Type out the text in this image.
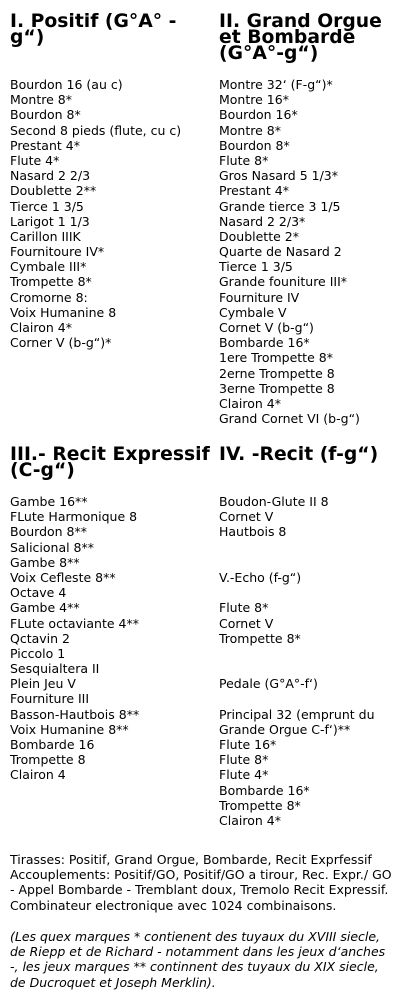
I. Positif (G°A° -g“)
Bourdon 16 (au c)
Montre 8*
Bourdon 8*
Second 8 pieds (flute, cu c)
Prestant 4*
Flute 4*
Nasard 2 2/3
Doublette 2**
Tierce 1 3/5
Larigot 1 1/3
Carillon IIIK
Fournitoure IV*
Cymbale III*
Trompette 8*
Cromorne 8:
Voix Humanine 8
Clairon 4*
Corner V (b-g“)*
II. Grand Orgue et Bombarde (G°A°-g“)
Montre 32‘ (F-g“)*
Montre 16*
Bourdon 16*
Montre 8*
Bourdon 8*
Flute 8*
Gros Nasard 5 1/3*
Prestant 4*
Grande tierce 3 1/5
Nasard 2 2/3*
Doublette 2*
Quarte de Nasard 2
Tierce 1 3/5
Grande founiture III*
Fourniture IV
Cymbale V
Cornet V (b-g“)
Bombarde 16*
1ere Trompette 8*
2erne Trompette 8
3erne Trompette 8
Clairon 4*
Grand Cornet VI (b-g“)
III.- Recit Expressif (C-g“)
Gambe 16**
FLute Harmonique 8
Bourdon 8**
Salicional 8**
Gambe 8**
Voix Cefleste 8**
Octave 4
Gambe 4**
FLute octaviante 4**
Qctavin 2
Piccolo 1
Sesquialtera II
Plein Jeu V
Fourniture III
Basson-Hautbois 8**
Voix Humanine 8**
Bombarde 16
Trompette 8
Clairon 4
IV. -Recit (f-g“)
Boudon-Glute II 8
Cornet V
Hautbois 8
V.-Echo (f-g“)
Flute 8*
Cornet V
Trompette 8*
Pedale (G°A°-f‘)
Principal 32 (emprunt du
Grande Orgue C-f‘)**
Flute 16*
Flute 8*
Flute 4*
Bombarde 16*
Trompette 8*
Clairon 4*

Tirasses: Positif, Grand Orgue, Bombarde, Recit Exprfessif Accouplements: Positif/GO, Positif/GO a tirour, Rec. Expr./ GO - Appel Bombarde - Tremblant doux, Tremolo Recit Expressif. Combinateur electronique avec 1024 combinaisons.

(Les quex marques * contienent des tuyaux du XVIII siecle, de Riepp et de Richard - notamment dans les jeux d‘anches -, les jeux marques ** continnent des tuyaux du XIX siecle, de Ducroquet et Joseph Merklin).
